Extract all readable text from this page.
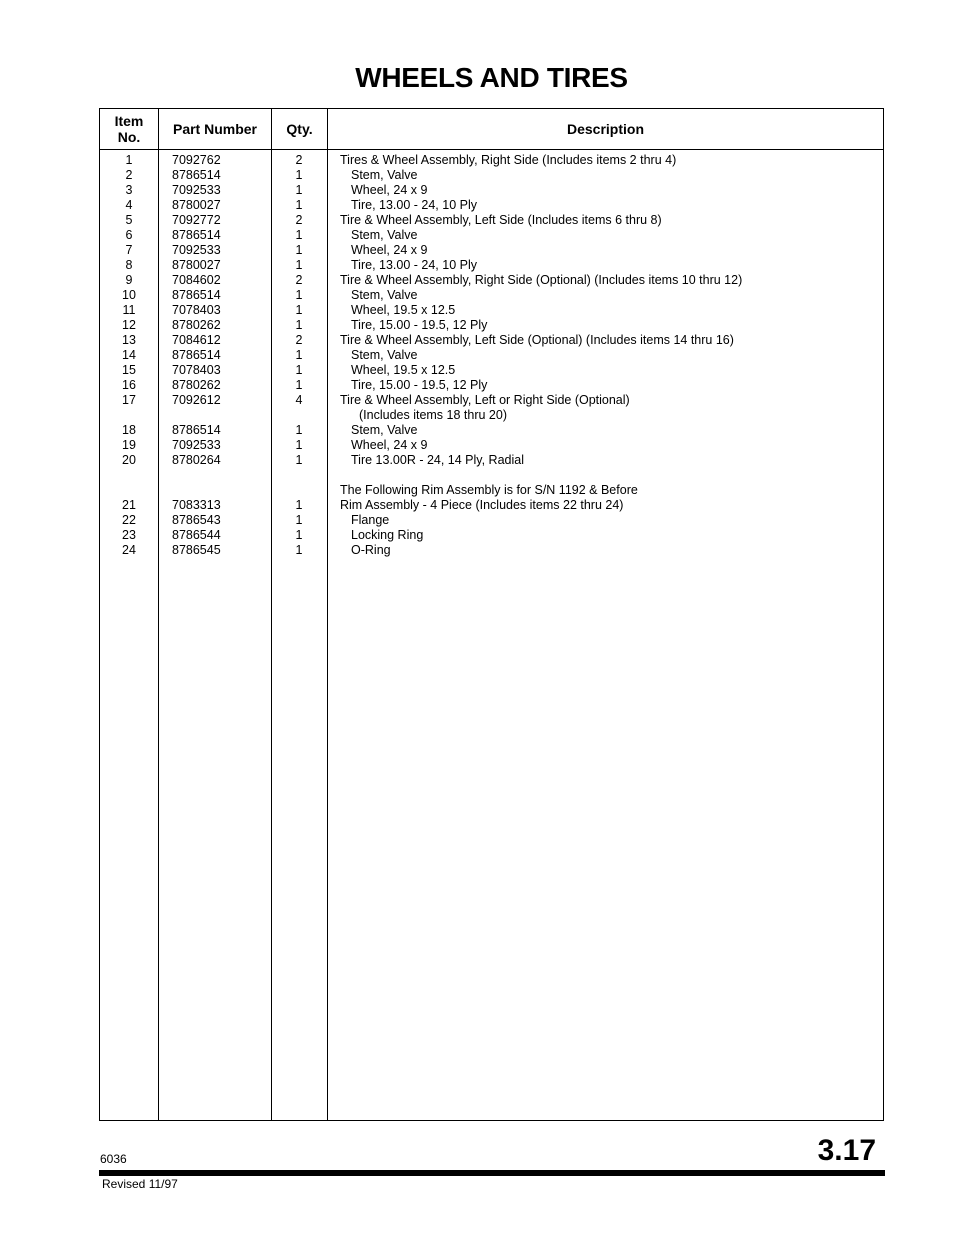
WHEELS AND TIRES
Item
No.	Part Number	Qty.	Description
1	7092762	2	Tires & Wheel Assembly, Right Side (Includes items 2 thru 4)
2	8786514	1	Stem, Valve
3	7092533	1	Wheel, 24 x 9
4	8780027	1	Tire, 13.00 - 24, 10 Ply
5	7092772	2	Tire & Wheel Assembly, Left Side (Includes items 6 thru 8)
6	8786514	1	Stem, Valve
7	7092533	1	Wheel, 24 x 9
8	8780027	1	Tire, 13.00 - 24, 10 Ply
9	7084602	2	Tire & Wheel Assembly, Right Side (Optional) (Includes items 10 thru 12)
10	8786514	1	Stem, Valve
11	7078403	1	Wheel, 19.5 x 12.5
12	8780262	1	Tire, 15.00 - 19.5, 12 Ply
13	7084612	2	Tire & Wheel Assembly, Left Side (Optional) (Includes items 14 thru 16)
14	8786514	1	Stem, Valve
15	7078403	1	Wheel, 19.5 x 12.5
16	8780262	1	Tire, 15.00 - 19.5, 12 Ply
17	7092612	4	Tire & Wheel Assembly, Left or Right Side (Optional)
(Includes items 18 thru 20)
18	8786514	1	Stem, Valve
19	7092533	1	Wheel, 24 x 9
20	8780264	1	Tire 13.00R - 24, 14 Ply, Radial
The Following Rim Assembly is for S/N 1192 & Before
21	7083313	1	Rim Assembly - 4 Piece (Includes items 22 thru 24)
22	8786543	1	Flange
23	8786544	1	Locking Ring
24	8786545	1	O-Ring
6036	3.17
Revised 11/97
